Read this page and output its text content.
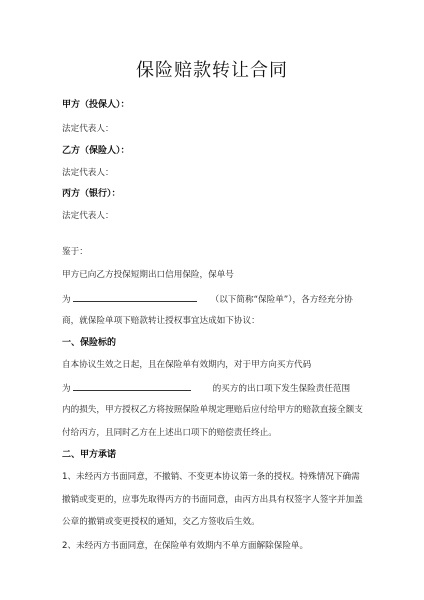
保险赔款转让合同
甲方（投保人）：
法定代表人：
乙方（保险人）：
法定代表人：
丙方（银行）：
法定代表人：
鉴于：
甲方已向乙方投保短期出口信用保险，保单号
为	（以下简称“保险单”），各方经充分协
商，就保险单项下赔款转让授权事宜达成如下协议：
一、保险标的
自本协议生效之日起，且在保险单有效期内，对于甲方向买方代码
为	的买方的出口项下发生保险责任范围
内的损失，甲方授权乙方将按照保险单规定理赔后应付给甲方的赔款直接全额支
付给丙方，且同时乙方在上述出口项下的赔偿责任终止。
二、甲方承诺
1、未经丙方书面同意，不撤销、不变更本协议第一条的授权。特殊情况下确需
撤销或变更的，应事先取得丙方的书面同意，由丙方出具有权签字人签字并加盖
公章的撤销或变更授权的通知，交乙方签收后生效。
2、未经丙方书面同意，在保险单有效期内不单方面解除保险单。
